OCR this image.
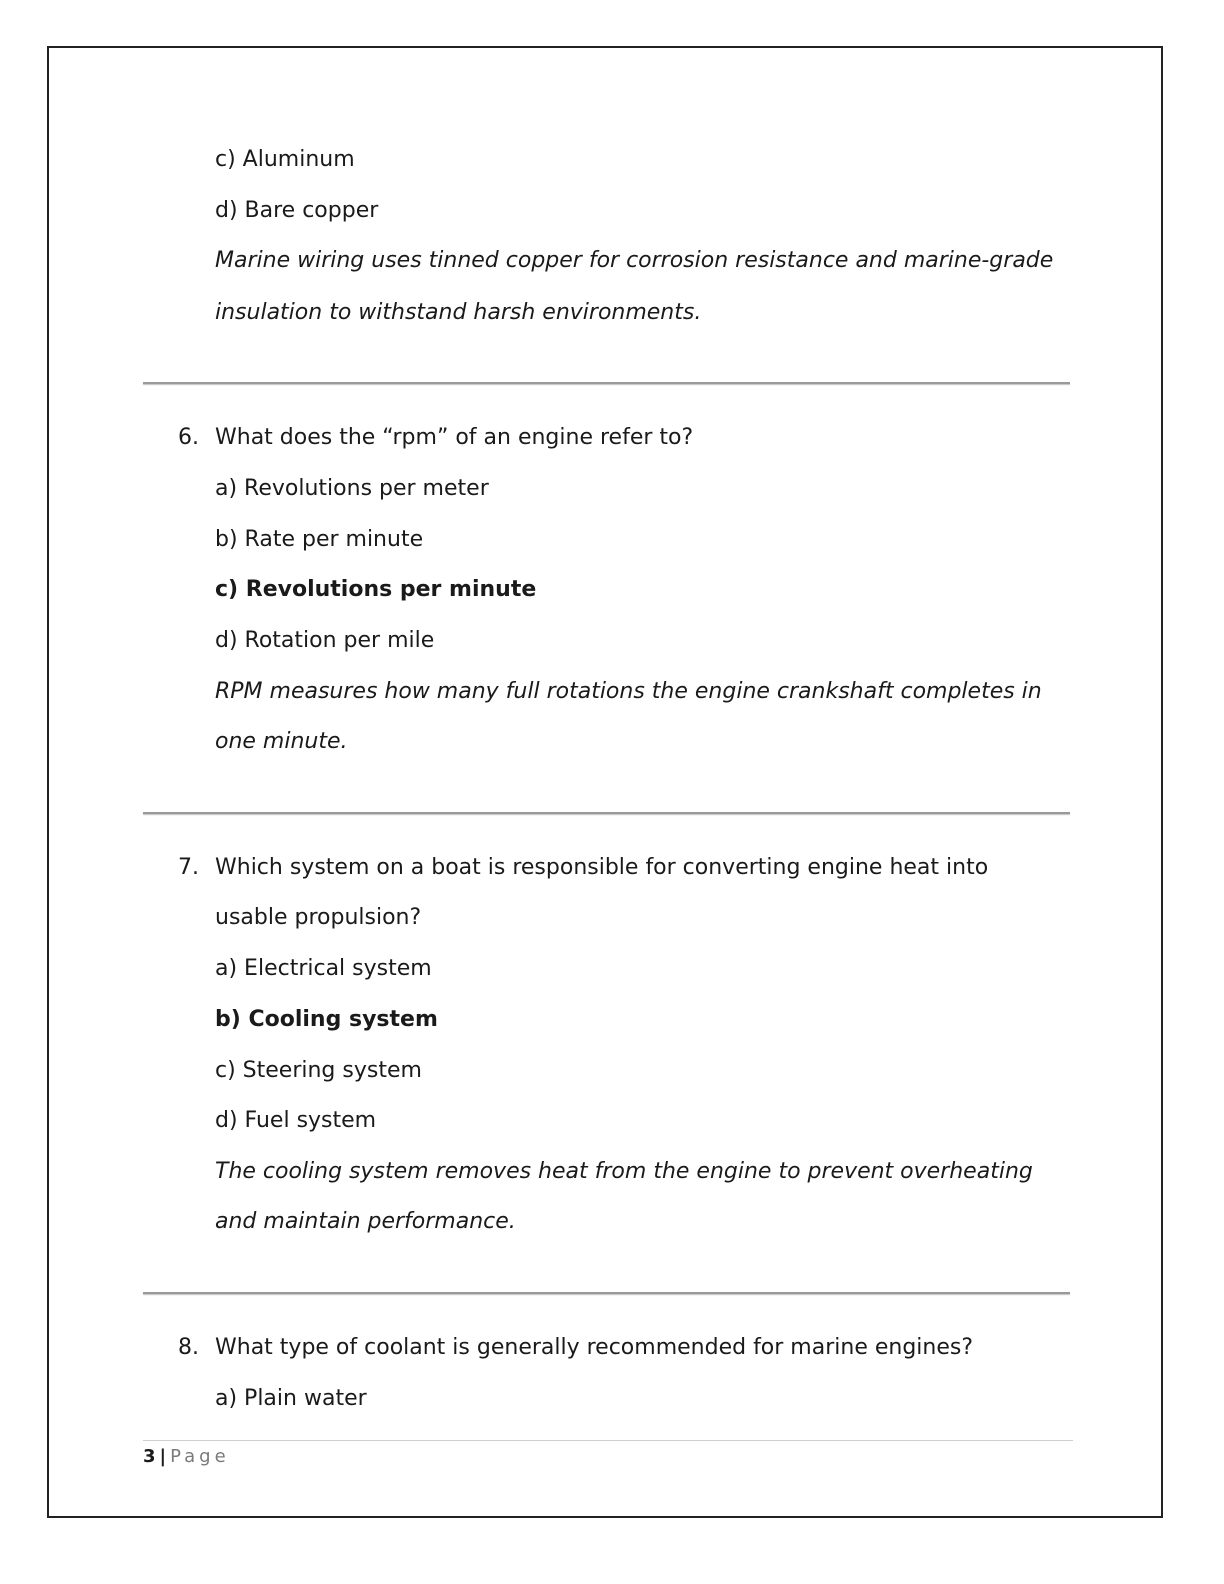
c) Aluminum
d) Bare copper
Marine wiring uses tinned copper for corrosion resistance and marine-grade
insulation to withstand harsh environments.
6. What does the “rpm” of an engine refer to?
a) Revolutions per meter
b) Rate per minute
c) Revolutions per minute
d) Rotation per mile
RPM measures how many full rotations the engine crankshaft completes in
one minute.
7. Which system on a boat is responsible for converting engine heat into
usable propulsion?
a) Electrical system
b) Cooling system
c) Steering system
d) Fuel system
The cooling system removes heat from the engine to prevent overheating
and maintain performance.
8. What type of coolant is generally recommended for marine engines?
a) Plain water
3 | Page
